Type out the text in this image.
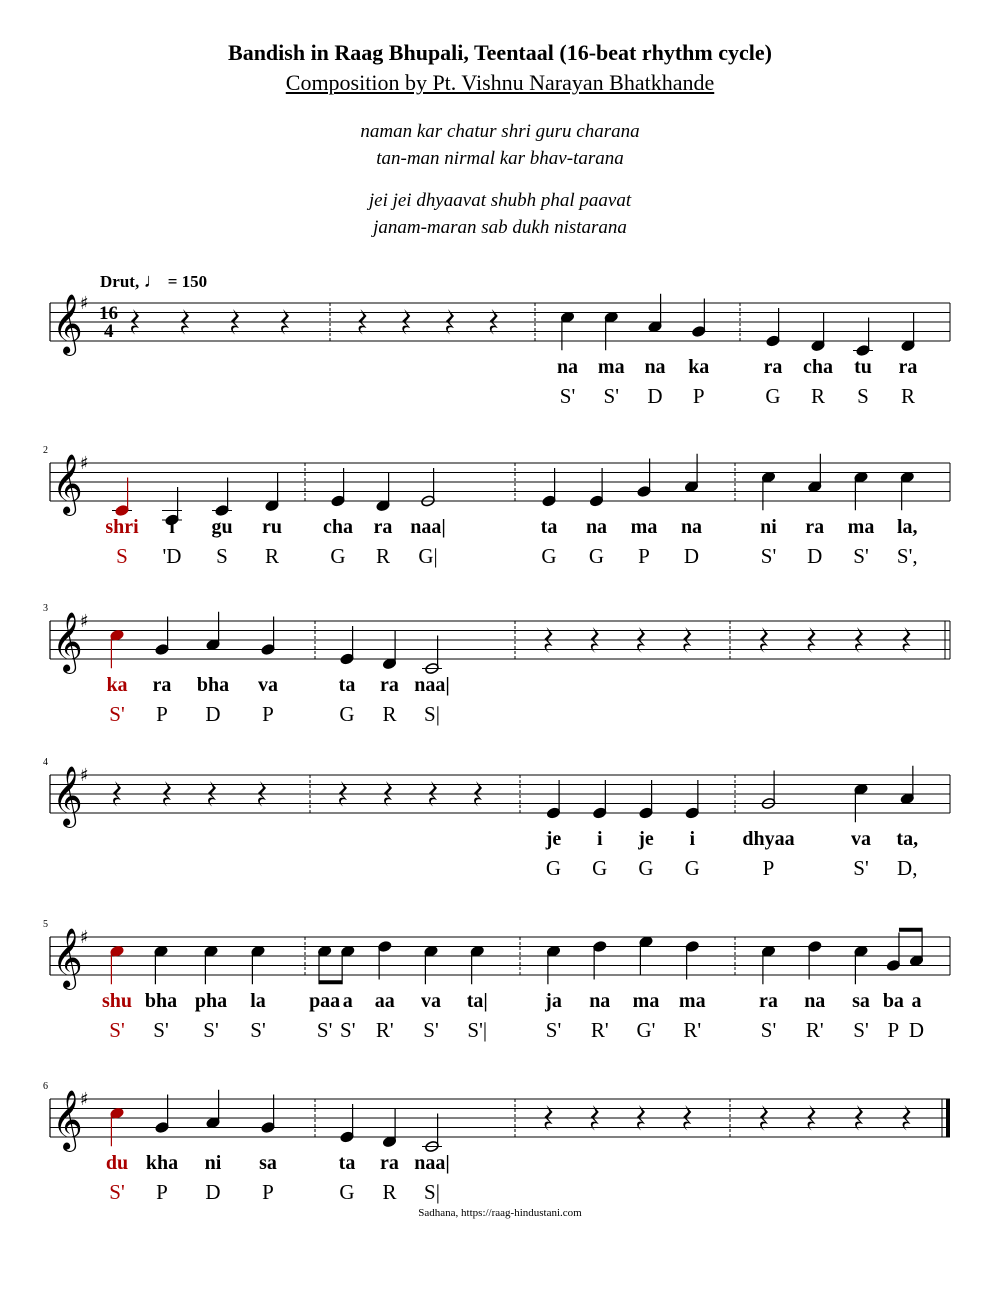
Bandish in Raag Bhupali, Teentaal (16-beat rhythm cycle)
Composition by Pt. Vishnu Narayan Bhatkhande
naman kar chatur shri guru charana
tan-man nirmal kar bhav-tarana
jei jei dhyaavat shubh phal paavat
janam-maran sab dukh nistarana
Drut, ♩ = 150
𝄞
♯ 16
4
na
S'
ma
S'
na
D
ka
P
ra
G
cha
R
tu
S
ra
R
2
𝄞
♯
shri
S
i
'D
gu
S
ru
R
cha
G
ra
R
naa|
G|
ta
G
na
G
ma
P
na
D
ni
S'
ra
D
ma
S'
la,
S',
3
𝄞
♯
ka
S'
ra
P
bha
D
va
P
ta
G
ra
R
naa|
S|
4
𝄞
♯
je
G
i
G
je
G
i
G
dhyaa
P
va
S'
ta,
D,
5
𝄞
♯
shu
S'
bha
S'
pha
S'
la
S'
paa
S'
a
S'
aa
R'
va
S'
ta|
S'|
ja
S'
na
R'
ma
G'
ma
R'
ra
S'
na
R'
sa
S'
ba
P
a
D
6
𝄞
♯
du
S'
kha
P
ni
D
sa
P
ta
G
ra
R
naa|
S|
Sadhana, https://raag-hindustani.com
